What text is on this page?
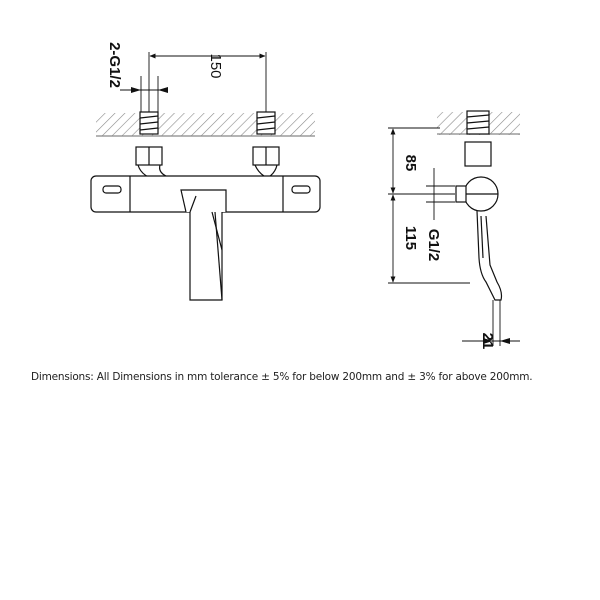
150
2-G1/2
85
115 G1/2
21
Dimensions: All Dimensions in mm tolerance ± 5% for below 200mm and ± 3% for above 200mm.
